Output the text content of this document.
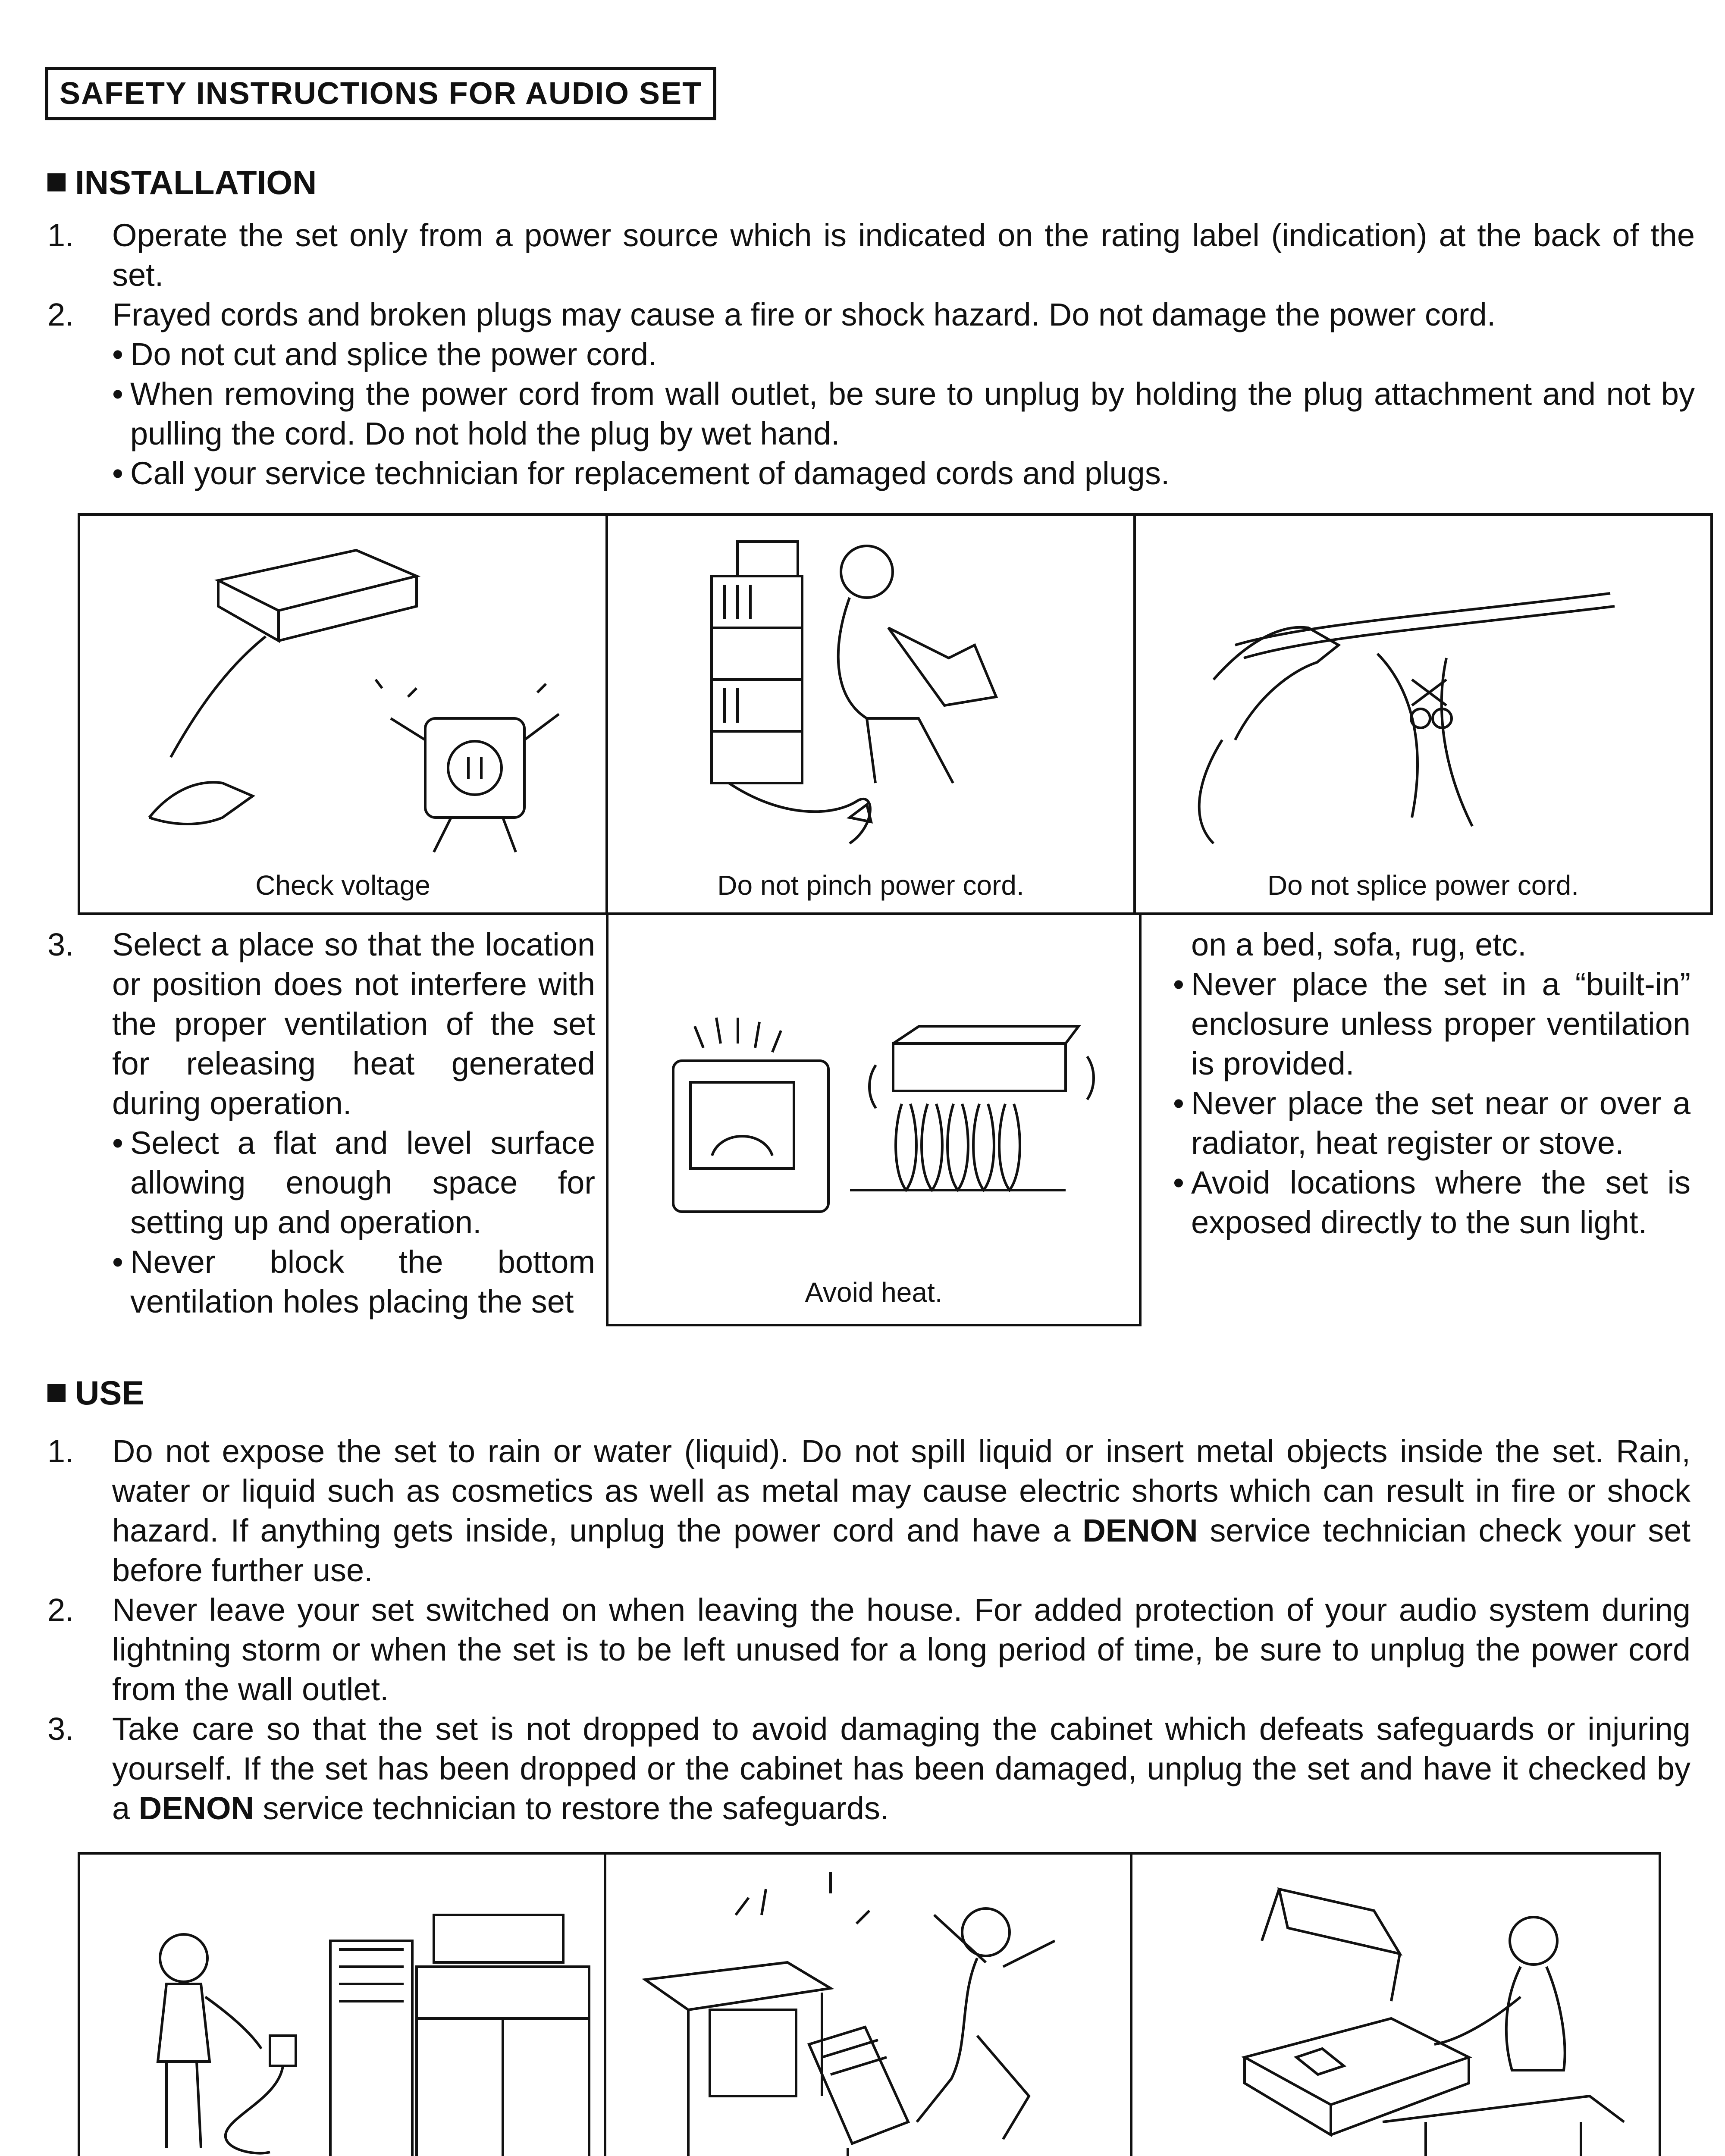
SAFETY INSTRUCTIONS FOR AUDIO SET
INSTALLATION
1. Operate the set only from a power source which is indicated on the rating label (indication) at the back of the set.
2. Frayed cords and broken plugs may cause a fire or shock hazard. Do not damage the power cord.
• Do not cut and splice the power cord.
• When removing the power cord from wall outlet, be sure to unplug by holding the plug attachment and not by pulling the cord. Do not hold the plug by wet hand.
• Call your service technician for replacement of damaged cords and plugs.
Check voltage	Do not pinch power cord.	Do not splice power cord.
3. Select a place so that the location or position does not interfere with the proper ventilation of the set for releasing heat generated during operation.
• Select a flat and level surface allowing enough space for setting up and operation.
• Never block the bottom ventilation holes placing the set	Avoid heat.
on a bed, sofa, rug, etc.
• Never place the set in a “built-in” enclosure unless proper ventilation is provided.
• Never place the set near or over a radiator, heat register or stove.
• Avoid locations where the set is exposed directly to the sun light.
USE
1. Do not expose the set to rain or water (liquid). Do not spill liquid or insert metal objects inside the set. Rain, water or liquid such as cosmetics as well as metal may cause electric shorts which can result in fire or shock hazard. If anything gets inside, unplug the power cord and have a DENON service technician check your set before further use.
2. Never leave your set switched on when leaving the house. For added protection of your audio system during lightning storm or when the set is to be left unused for a long period of time, be sure to unplug the power cord from the wall outlet.
3. Take care so that the set is not dropped to avoid damaging the cabinet which defeats safeguards or injuring yourself. If the set has been dropped or the cabinet has been damaged, unplug the set and have it checked by a DENON service technician to restore the safeguards.
